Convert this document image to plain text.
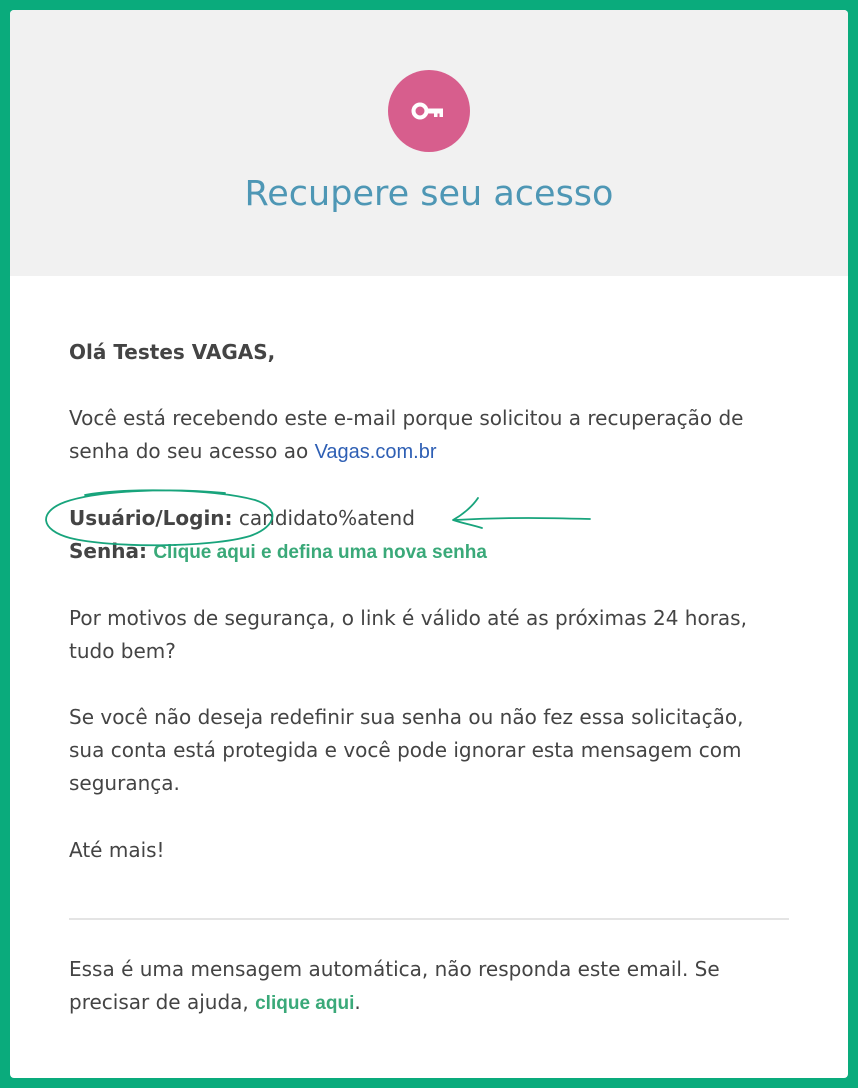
Recupere seu acesso
Olá Testes VAGAS,
Você está recebendo este e-mail porque solicitou a recuperação de
senha do seu acesso ao Vagas.com.br
Usuário/Login: candidato%atend
Senha: Clique aqui e defina uma nova senha
Por motivos de segurança, o link é válido até as próximas 24 horas,
tudo bem?
Se você não deseja redefinir sua senha ou não fez essa solicitação,
sua conta está protegida e você pode ignorar esta mensagem com
segurança.
Até mais!
Essa é uma mensagem automática, não responda este email. Se
precisar de ajuda, clique aqui.
